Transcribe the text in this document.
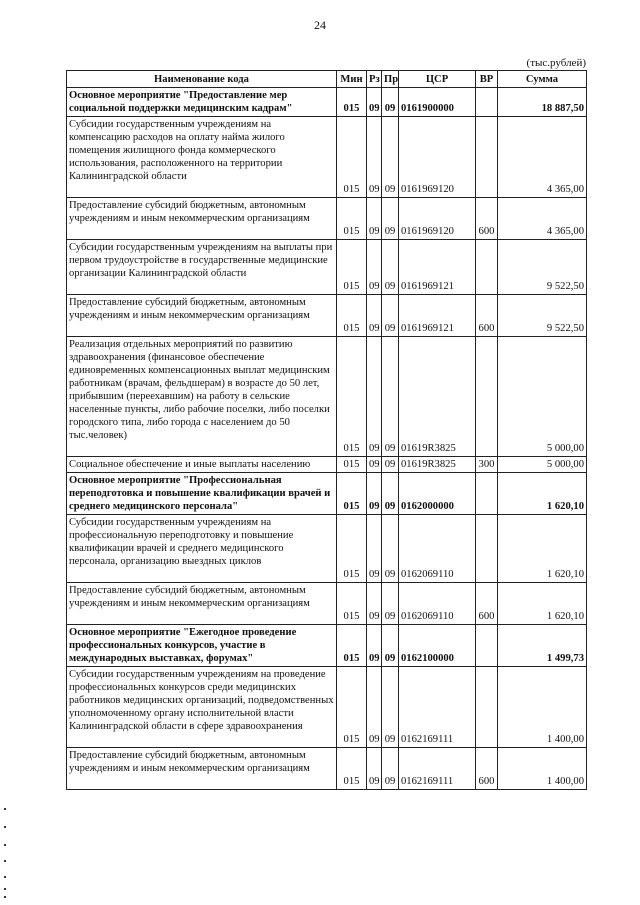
24
(тыс.рублей)
Наименование кода	Мин	Рз	Пр	ЦСР	ВР	Сумма
Основное мероприятие "Предоставление мер социальной поддержки медицинским кадрам"	015	09	09	0161900000		18 887,50
Субсидии государственным учреждениям на компенсацию расходов на оплату найма жилого помещения жилищного фонда коммерческого использования, расположенного на территории Калининградской области	015	09	09	0161969120		4 365,00
Предоставление субсидий бюджетным, автономным учреждениям и иным некоммерческим организациям	015	09	09	0161969120	600	4 365,00
Субсидии государственным учреждениям на выплаты при первом трудоустройстве в государственные медицинские организации Калининградской области	015	09	09	0161969121		9 522,50
Предоставление субсидий бюджетным, автономным учреждениям и иным некоммерческим организациям	015	09	09	0161969121	600	9 522,50
Реализация отдельных мероприятий по развитию здравоохранения (финансовое обеспечение единовременных компенсационных выплат медицинским работникам (врачам, фельдшерам) в возрасте до 50 лет, прибывшим (переехавшим) на работу в сельские населенные пункты, либо рабочие поселки, либо поселки городского типа, либо города с населением до 50 тыс.человек)	015	09	09	01619R3825		5 000,00
Социальное обеспечение и иные выплаты населению	015	09	09	01619R3825	300	5 000,00
Основное мероприятие "Профессиональная переподготовка и повышение квалификации врачей и среднего медицинского персонала"	015	09	09	0162000000		1 620,10
Субсидии государственным учреждениям на профессиональную переподготовку и повышение квалификации врачей и среднего медицинского персонала, организацию выездных циклов	015	09	09	0162069110		1 620,10
Предоставление субсидий бюджетным, автономным учреждениям и иным некоммерческим организациям	015	09	09	0162069110	600	1 620,10
Основное мероприятие "Ежегодное проведение профессиональных конкурсов, участие в международных выставках, форумах"	015	09	09	0162100000		1 499,73
Субсидии государственным учреждениям на проведение профессиональных конкурсов среди медицинских работников медицинских организаций, подведомственных уполномоченному органу исполнительной власти Калининградской области в сфере здравоохранения	015	09	09	0162169111		1 400,00
Предоставление субсидий бюджетным, автономным учреждениям и иным некоммерческим организациям	015	09	09	0162169111	600	1 400,00
